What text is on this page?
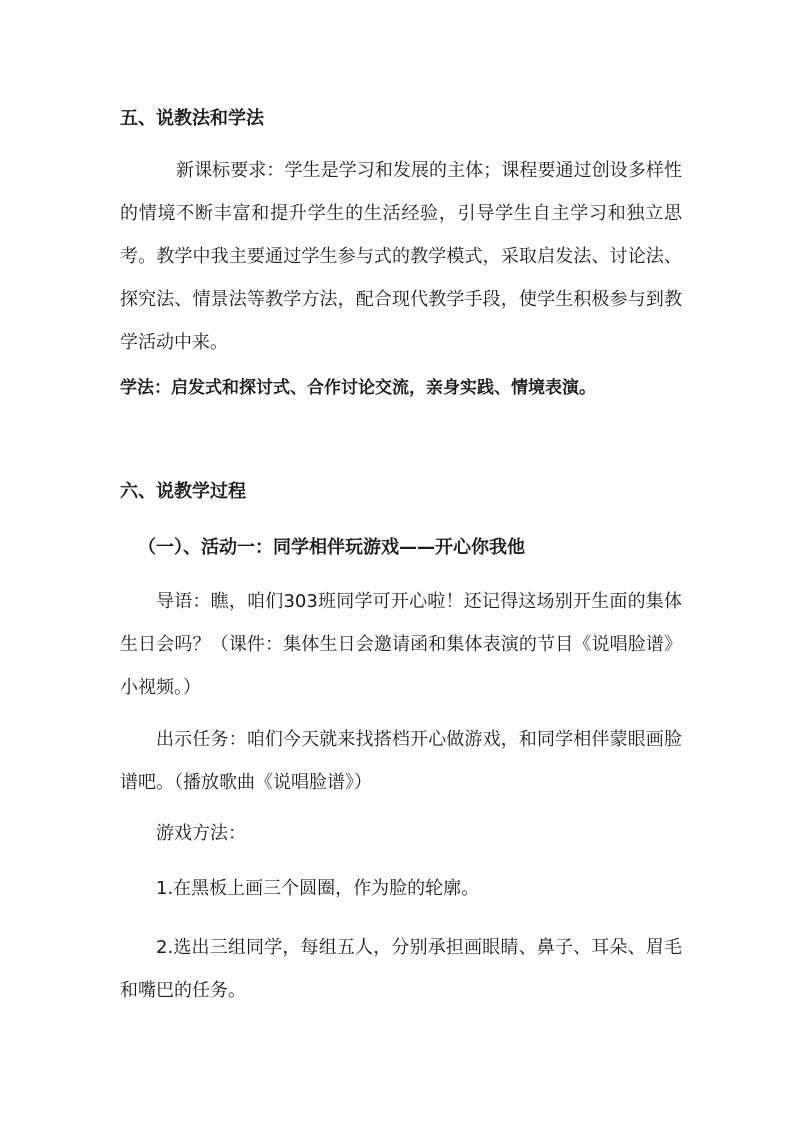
五、说教法和学法

新课标要求：学生是学习和发展的主体；课程要通过创设多样性的情境不断丰富和提升学生的生活经验，引导学生自主学习和独立思考。教学中我主要通过学生参与式的教学模式，采取启发法、讨论法、探究法、情景法等教学方法，配合现代教学手段，使学生积极参与到教学活动中来。

学法：启发式和探讨式、合作讨论交流，亲身实践、情境表演。
六、说教学过程
（一）、活动一：同学相伴玩游戏——开心你我他

导语：瞧，咱们303班同学可开心啦！还记得这场别开生面的集体生日会吗？（课件：集体生日会邀请函和集体表演的节目《说唱脸谱》小视频。）

出示任务：咱们今天就来找搭档开心做游戏，和同学相伴蒙眼画脸谱吧。（播放歌曲《说唱脸谱》）

游戏方法：
1.在黑板上画三个圆圈，作为脸的轮廓。

2.选出三组同学，每组五人，分别承担画眼睛、鼻子、耳朵、眉毛和嘴巴的任务。
